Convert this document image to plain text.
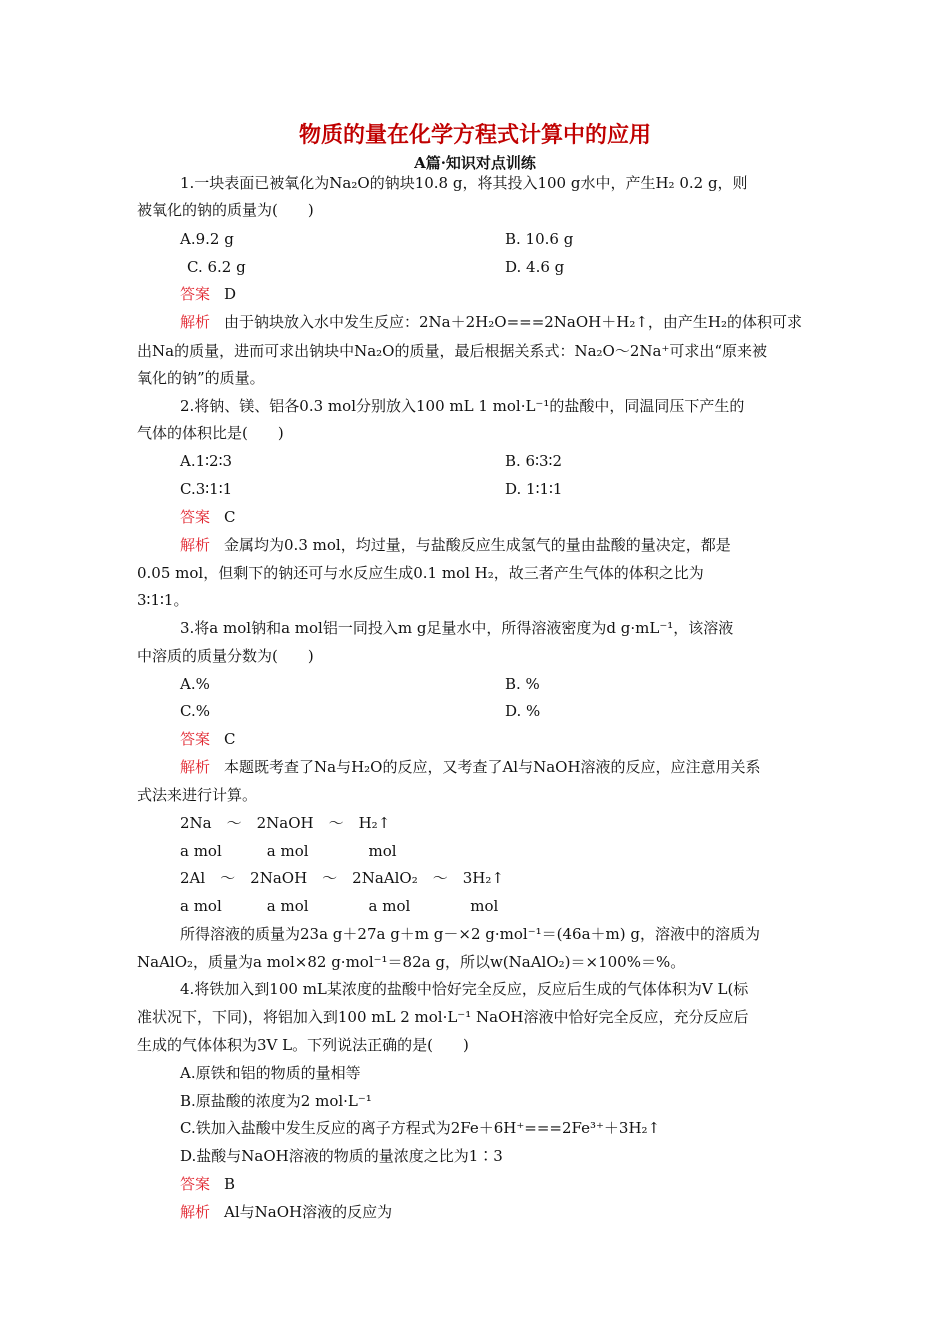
物质的量在化学方程式计算中的应用
A篇·知识对点训练
1.一块表面已被氧化为Na₂O的钠块10.8 g，将其投入100 g水中，产生H₂ 0.2 g，则
被氧化的钠的质量为(　　)
A.9.2 g	B. 10.6 g
C. 6.2 g	D. 4.6 g
答案 D
解析 由于钠块放入水中发生反应：2Na＋2H₂O===2NaOH＋H₂↑，由产生H₂的体积可求
出Na的质量，进而可求出钠块中Na₂O的质量，最后根据关系式：Na₂O～2Na⁺可求出“原来被
氧化的钠”的质量。
2.将钠、镁、铝各0.3 mol分别放入100 mL 1 mol·L⁻¹的盐酸中，同温同压下产生的
气体的体积比是(　　)
A.1∶2∶3	B. 6∶3∶2
C.3∶1∶1	D. 1∶1∶1
答案 C
解析 金属均为0.3 mol，均过量，与盐酸反应生成氢气的量由盐酸的量决定，都是
0.05 mol，但剩下的钠还可与水反应生成0.1 mol H₂，故三者产生气体的体积之比为
3∶1∶1。
3.将a mol钠和a mol铝一同投入m g足量水中，所得溶液密度为d g·mL⁻¹，该溶液
中溶质的质量分数为(　　)
A.%	B. %
C.%	D. %
答案 C
解析 本题既考查了Na与H₂O的反应，又考查了Al与NaOH溶液的反应，应注意用关系
式法来进行计算。
2Na　～　2NaOH　～　H₂↑
a mol　　　a mol　　　　mol
2Al　～　2NaOH　～　2NaAlO₂　～　3H₂↑
a mol　　　a mol　　　　a mol　　　　mol
所得溶液的质量为23a g＋27a g＋m g－×2 g·mol⁻¹＝(46a＋m) g，溶液中的溶质为
NaAlO₂，质量为a mol×82 g·mol⁻¹＝82a g，所以w(NaAlO₂)＝×100%＝%。
4.将铁加入到100 mL某浓度的盐酸中恰好完全反应，反应后生成的气体体积为V L(标
准状况下，下同)，将铝加入到100 mL 2 mol·L⁻¹ NaOH溶液中恰好完全反应，充分反应后
生成的气体体积为3V L。下列说法正确的是(　　)
A.原铁和铝的物质的量相等
B.原盐酸的浓度为2 mol·L⁻¹
C.铁加入盐酸中发生反应的离子方程式为2Fe＋6H⁺===2Fe³⁺＋3H₂↑
D.盐酸与NaOH溶液的物质的量浓度之比为1∶3
答案 B
解析 Al与NaOH溶液的反应为
